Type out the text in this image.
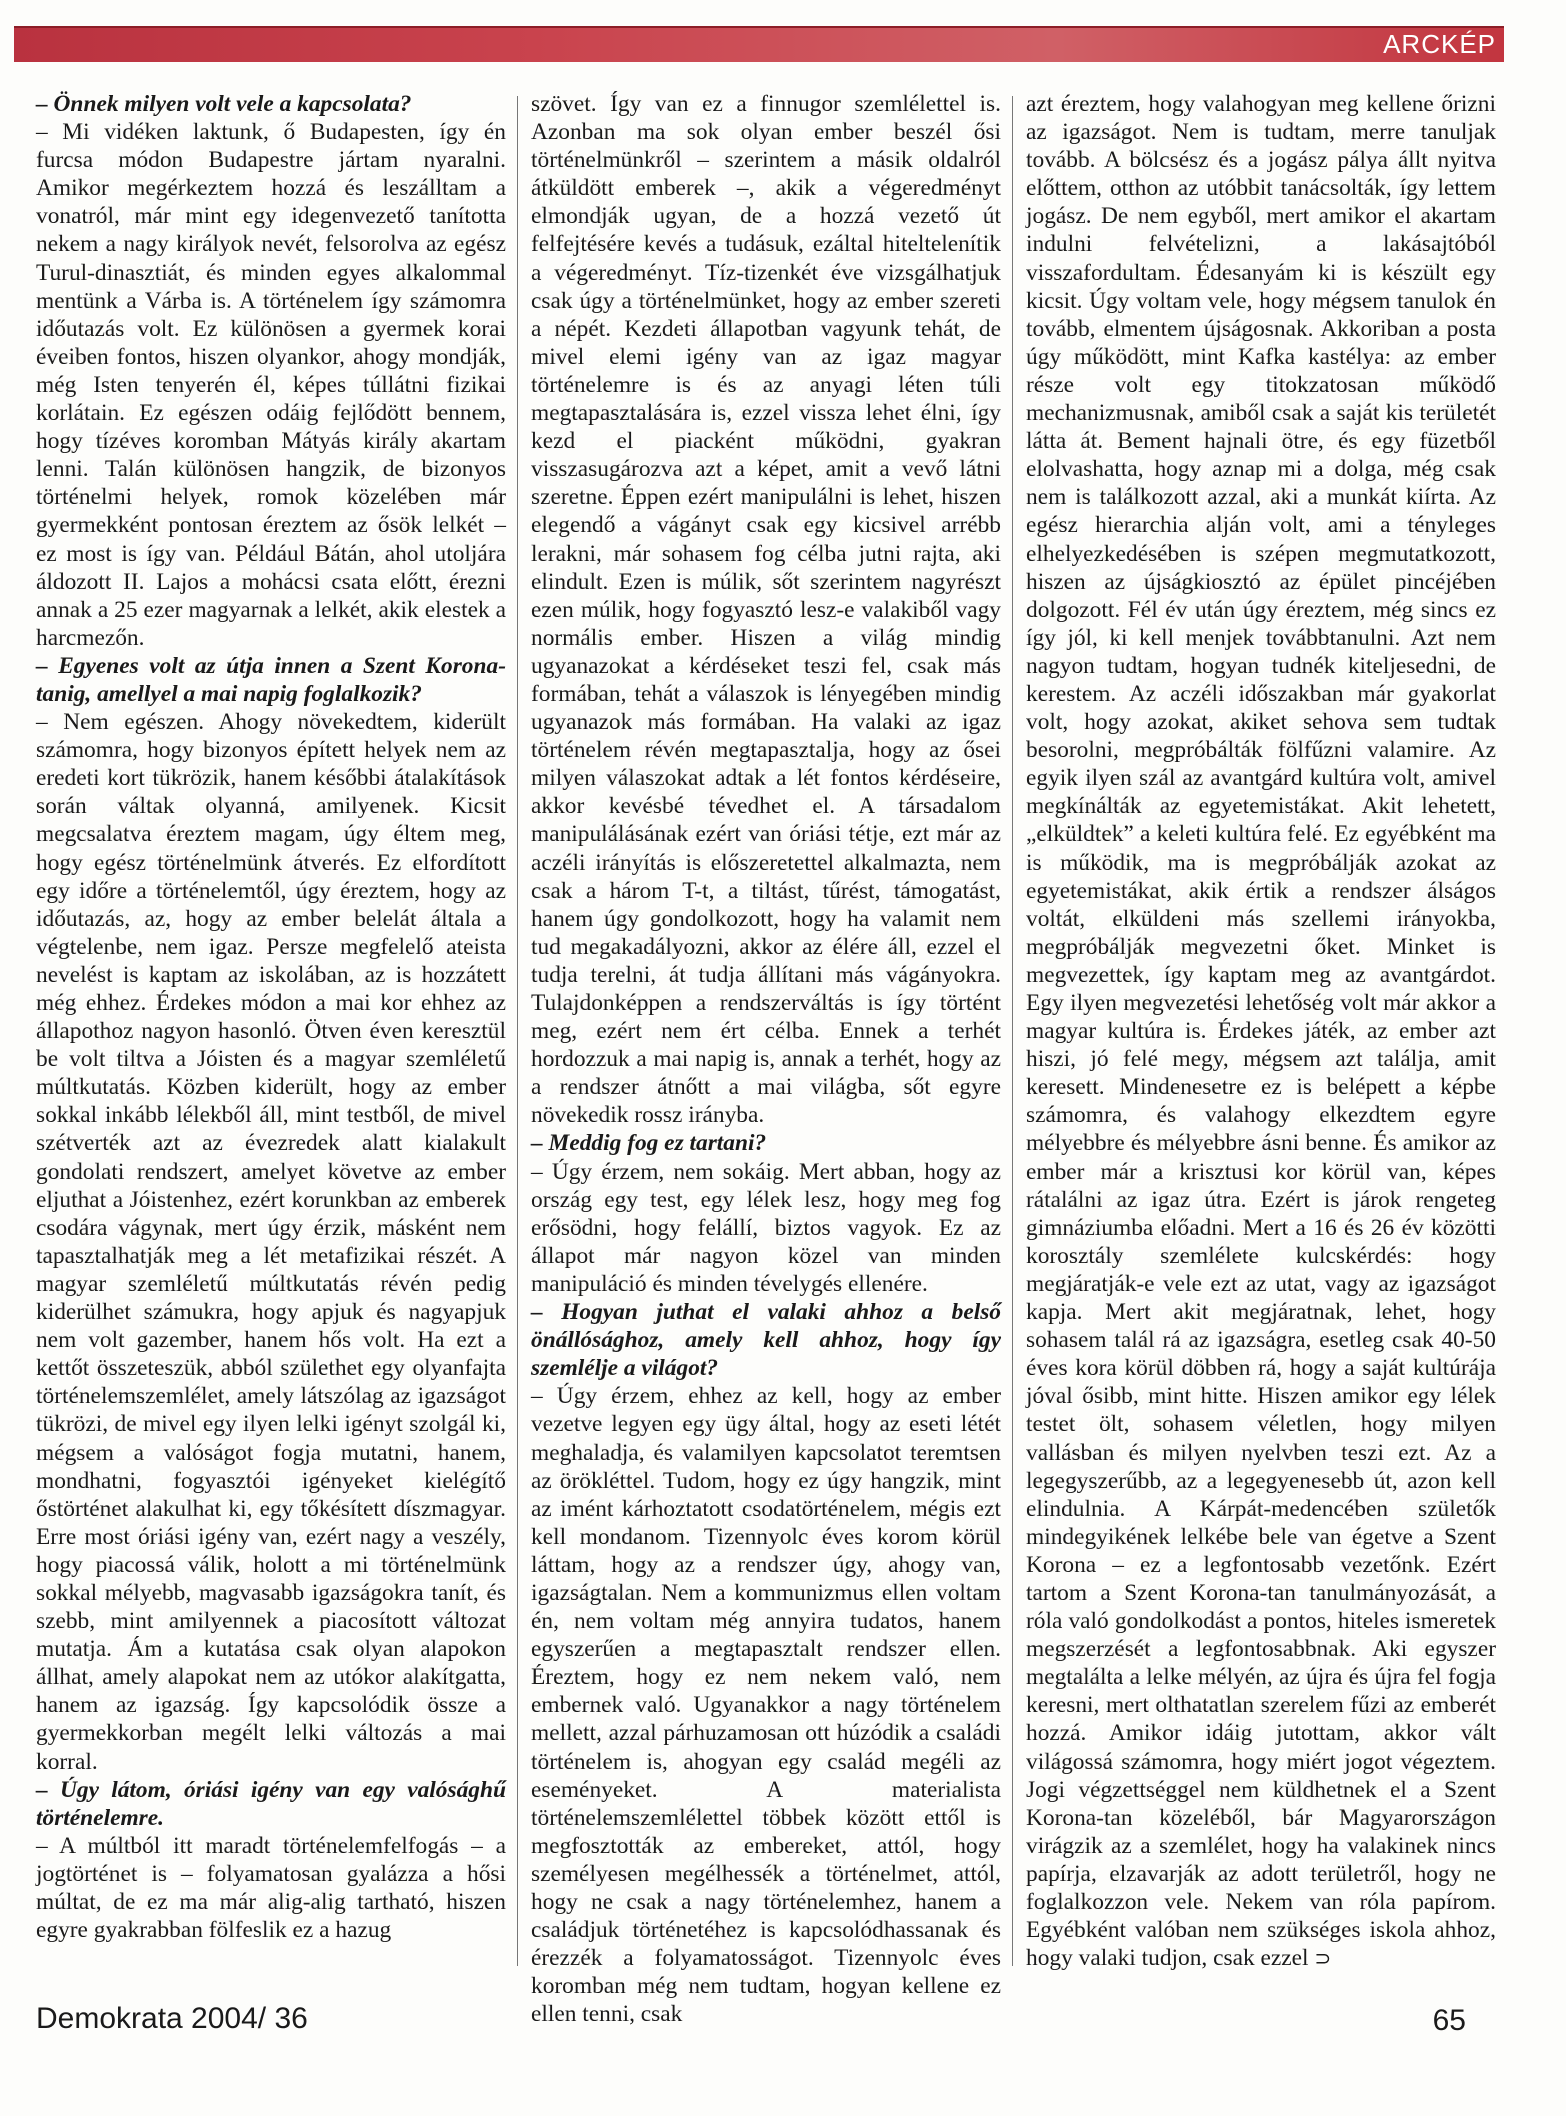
ARCKÉP

– Önnek milyen volt vele a kapcsolata?

– Mi vidéken laktunk, ő Budapesten, így én furcsa módon Budapestre jártam nyaralni. Amikor megérkeztem hozzá és leszálltam a vonatról, már mint egy idegenvezető tanította nekem a nagy királyok nevét, felsorolva az egész Turul-dinasztiát, és minden egyes alkalommal mentünk a Várba is. A történelem így számomra időutazás volt. Ez különösen a gyermek korai éveiben fontos, hiszen olyankor, ahogy mondják, még Isten tenyerén él, képes túllátni fizikai korlátain. Ez egészen odáig fejlődött bennem, hogy tízéves koromban Mátyás király akartam lenni. Talán különösen hangzik, de bizonyos történelmi helyek, romok közelében már gyermekként pontosan éreztem az ősök lelkét – ez most is így van. Például Bátán, ahol utoljára áldozott II. Lajos a mohácsi csata előtt, érezni annak a 25 ezer magyarnak a lelkét, akik elestek a harcmezőn.

– Egyenes volt az útja innen a Szent Korona-tanig, amellyel a mai napig foglalkozik?

– Nem egészen. Ahogy növekedtem, kiderült számomra, hogy bizonyos épített helyek nem az eredeti kort tükrözik, hanem későbbi átalakítások során váltak olyanná, amilyenek. Kicsit megcsalatva éreztem magam, úgy éltem meg, hogy egész történelmünk átverés. Ez elfordított egy időre a történelemtől, úgy éreztem, hogy az időutazás, az, hogy az ember belelát általa a végtelenbe, nem igaz. Persze megfelelő ateista nevelést is kaptam az iskolában, az is hozzátett még ehhez. Érdekes módon a mai kor ehhez az állapothoz nagyon hasonló. Ötven éven keresztül be volt tiltva a Jóisten és a magyar szemléletű múltkutatás. Közben kiderült, hogy az ember sokkal inkább lélekből áll, mint testből, de mivel szétverték azt az évezredek alatt kialakult gondolati rendszert, amelyet követve az ember eljuthat a Jóistenhez, ezért korunkban az emberek csodára vágynak, mert úgy érzik, másként nem tapasztalhatják meg a lét metafizikai részét. A magyar szemléletű múltkutatás révén pedig kiderülhet számukra, hogy apjuk és nagyapjuk nem volt gazember, hanem hős volt. Ha ezt a kettőt összeteszük, abból születhet egy olyanfajta történelemszemlélet, amely látszólag az igazságot tükrözi, de mivel egy ilyen lelki igényt szolgál ki, mégsem a valóságot fogja mutatni, hanem, mondhatni, fogyasztói igényeket kielégítő őstörténet alakulhat ki, egy tőkésített díszmagyar. Erre most óriási igény van, ezért nagy a veszély, hogy piacossá válik, holott a mi történelmünk sokkal mélyebb, magvasabb igazságokra tanít, és szebb, mint amilyennek a piacosított változat mutatja. Ám a kutatása csak olyan alapokon állhat, amely alapokat nem az utókor alakítgatta, hanem az igazság. Így kapcsolódik össze a gyermekkorban megélt lelki változás a mai korral.

– Úgy látom, óriási igény van egy valósághű történelemre.

– A múltból itt maradt történelemfelfogás – a jogtörténet is – folyamatosan gyalázza a hősi múltat, de ez ma már alig-alig tartható, hiszen egyre gyakrabban fölfeslik ez a hazug

szövet. Így van ez a finnugor szemlélettel is. Azonban ma sok olyan ember beszél ősi történelmünkről – szerintem a másik oldalról átküldött emberek –, akik a végeredményt elmondják ugyan, de a hozzá vezető út felfejtésére kevés a tudásuk, ezáltal hiteltelenítik a végeredményt. Tíz-tizenkét éve vizsgálhatjuk csak úgy a történelmünket, hogy az ember szereti a népét. Kezdeti állapotban vagyunk tehát, de mivel elemi igény van az igaz magyar történelemre is és az anyagi léten túli megtapasztalására is, ezzel vissza lehet élni, így kezd el piacként működni, gyakran visszasugározva azt a képet, amit a vevő látni szeretne. Éppen ezért manipulálni is lehet, hiszen elegendő a vágányt csak egy kicsivel arrébb lerakni, már sohasem fog célba jutni rajta, aki elindult. Ezen is múlik, sőt szerintem nagyrészt ezen múlik, hogy fogyasztó lesz-e valakiből vagy normális ember. Hiszen a világ mindig ugyanazokat a kérdéseket teszi fel, csak más formában, tehát a válaszok is lényegében mindig ugyanazok más formában. Ha valaki az igaz történelem révén megtapasztalja, hogy az ősei milyen válaszokat adtak a lét fontos kérdéseire, akkor kevésbé tévedhet el. A társadalom manipulálásának ezért van óriási tétje, ezt már az aczéli irányítás is előszeretettel alkalmazta, nem csak a három T-t, a tiltást, tűrést, támogatást, hanem úgy gondolkozott, hogy ha valamit nem tud megakadályozni, akkor az élére áll, ezzel el tudja terelni, át tudja állítani más vágányokra. Tulajdonképpen a rendszerváltás is így történt meg, ezért nem ért célba. Ennek a terhét hordozzuk a mai napig is, annak a terhét, hogy az a rendszer átnőtt a mai világba, sőt egyre növekedik rossz irányba.

– Meddig fog ez tartani?

– Úgy érzem, nem sokáig. Mert abban, hogy az ország egy test, egy lélek lesz, hogy meg fog erősödni, hogy felállí, biztos vagyok. Ez az állapot már nagyon közel van minden manipuláció és minden tévelygés ellenére.

– Hogyan juthat el valaki ahhoz a belső önállósághoz, amely kell ahhoz, hogy így szemlélje a világot?

– Úgy érzem, ehhez az kell, hogy az ember vezetve legyen egy ügy által, hogy az eseti létét meghaladja, és valamilyen kapcsolatot teremtsen az örökléttel. Tudom, hogy ez úgy hangzik, mint az imént kárhoztatott csodatörténelem, mégis ezt kell mondanom. Tizennyolc éves korom körül láttam, hogy az a rendszer úgy, ahogy van, igazságtalan. Nem a kommunizmus ellen voltam én, nem voltam még annyira tudatos, hanem egyszerűen a megtapasztalt rendszer ellen. Éreztem, hogy ez nem nekem való, nem embernek való. Ugyanakkor a nagy történelem mellett, azzal párhuzamosan ott húzódik a családi történelem is, ahogyan egy család megéli az eseményeket. A materialista történelemszemlélettel többek között ettől is megfosztották az embereket, attól, hogy személyesen megélhessék a történelmet, attól, hogy ne csak a nagy történelemhez, hanem a családjuk történetéhez is kapcsolódhassanak és érezzék a folyamatosságot. Tizennyolc éves koromban még nem tudtam, hogyan kellene ez ellen tenni, csak

azt éreztem, hogy valahogyan meg kellene őrizni az igazságot. Nem is tudtam, merre tanuljak tovább. A bölcsész és a jogász pálya állt nyitva előttem, otthon az utóbbit tanácsolták, így lettem jogász. De nem egyből, mert amikor el akartam indulni felvételizni, a lakásajtóból visszafordultam. Édesanyám ki is készült egy kicsit. Úgy voltam vele, hogy mégsem tanulok én tovább, elmentem újságosnak. Akkoriban a posta úgy működött, mint Kafka kastélya: az ember része volt egy titokzatosan működő mechanizmusnak, amiből csak a saját kis területét látta át. Bement hajnali ötre, és egy füzetből elolvashatta, hogy aznap mi a dolga, még csak nem is találkozott azzal, aki a munkát kiírta. Az egész hierarchia alján volt, ami a tényleges elhelyezkedésében is szépen megmutatkozott, hiszen az újságkiosztó az épület pincéjében dolgozott. Fél év után úgy éreztem, még sincs ez így jól, ki kell menjek továbbtanulni. Azt nem nagyon tudtam, hogyan tudnék kiteljesedni, de kerestem. Az aczéli időszakban már gyakorlat volt, hogy azokat, akiket sehova sem tudtak besorolni, megpróbálták fölfűzni valamire. Az egyik ilyen szál az avantgárd kultúra volt, amivel megkínálták az egyetemistákat. Akit lehetett, „elküldtek” a keleti kultúra felé. Ez egyébként ma is működik, ma is megpróbálják azokat az egyetemistákat, akik értik a rendszer álságos voltát, elküldeni más szellemi irányokba, megpróbálják megvezetni őket. Minket is megvezettek, így kaptam meg az avantgárdot. Egy ilyen megvezetési lehetőség volt már akkor a magyar kultúra is. Érdekes játék, az ember azt hiszi, jó felé megy, mégsem azt találja, amit keresett. Mindenesetre ez is belépett a képbe számomra, és valahogy elkezdtem egyre mélyebbre és mélyebbre ásni benne. És amikor az ember már a krisztusi kor körül van, képes rátalálni az igaz útra. Ezért is járok rengeteg gimnáziumba előadni. Mert a 16 és 26 év közötti korosztály szemlélete kulcskérdés: hogy megjáratják-e vele ezt az utat, vagy az igazságot kapja. Mert akit megjáratnak, lehet, hogy sohasem talál rá az igazságra, esetleg csak 40-50 éves kora körül döbben rá, hogy a saját kultúrája jóval ősibb, mint hitte. Hiszen amikor egy lélek testet ölt, sohasem véletlen, hogy milyen vallásban és milyen nyelvben teszi ezt. Az a legegyszerűbb, az a legegyenesebb út, azon kell elindulnia. A Kárpát-medencében születők mindegyikének lelkébe bele van égetve a Szent Korona – ez a legfontosabb vezetőnk. Ezért tartom a Szent Korona-tan tanulmányozását, a róla való gondolkodást a pontos, hiteles ismeretek megszerzését a legfontosabbnak. Aki egyszer megtalálta a lelke mélyén, az újra és újra fel fogja keresni, mert olthatatlan szerelem fűzi az emberét hozzá. Amikor idáig jutottam, akkor vált világossá számomra, hogy miért jogot végeztem. Jogi végzettséggel nem küldhetnek el a Szent Korona-tan közeléből, bár Magyarországon virágzik az a szemlélet, hogy ha valakinek nincs papírja, elzavarják az adott területről, hogy ne foglalkozzon vele. Nekem van róla papírom. Egyébként valóban nem szükséges iskola ahhoz, hogy valaki tudjon, csak ezzel ⊃

Demokrata 2004/ 36	65
